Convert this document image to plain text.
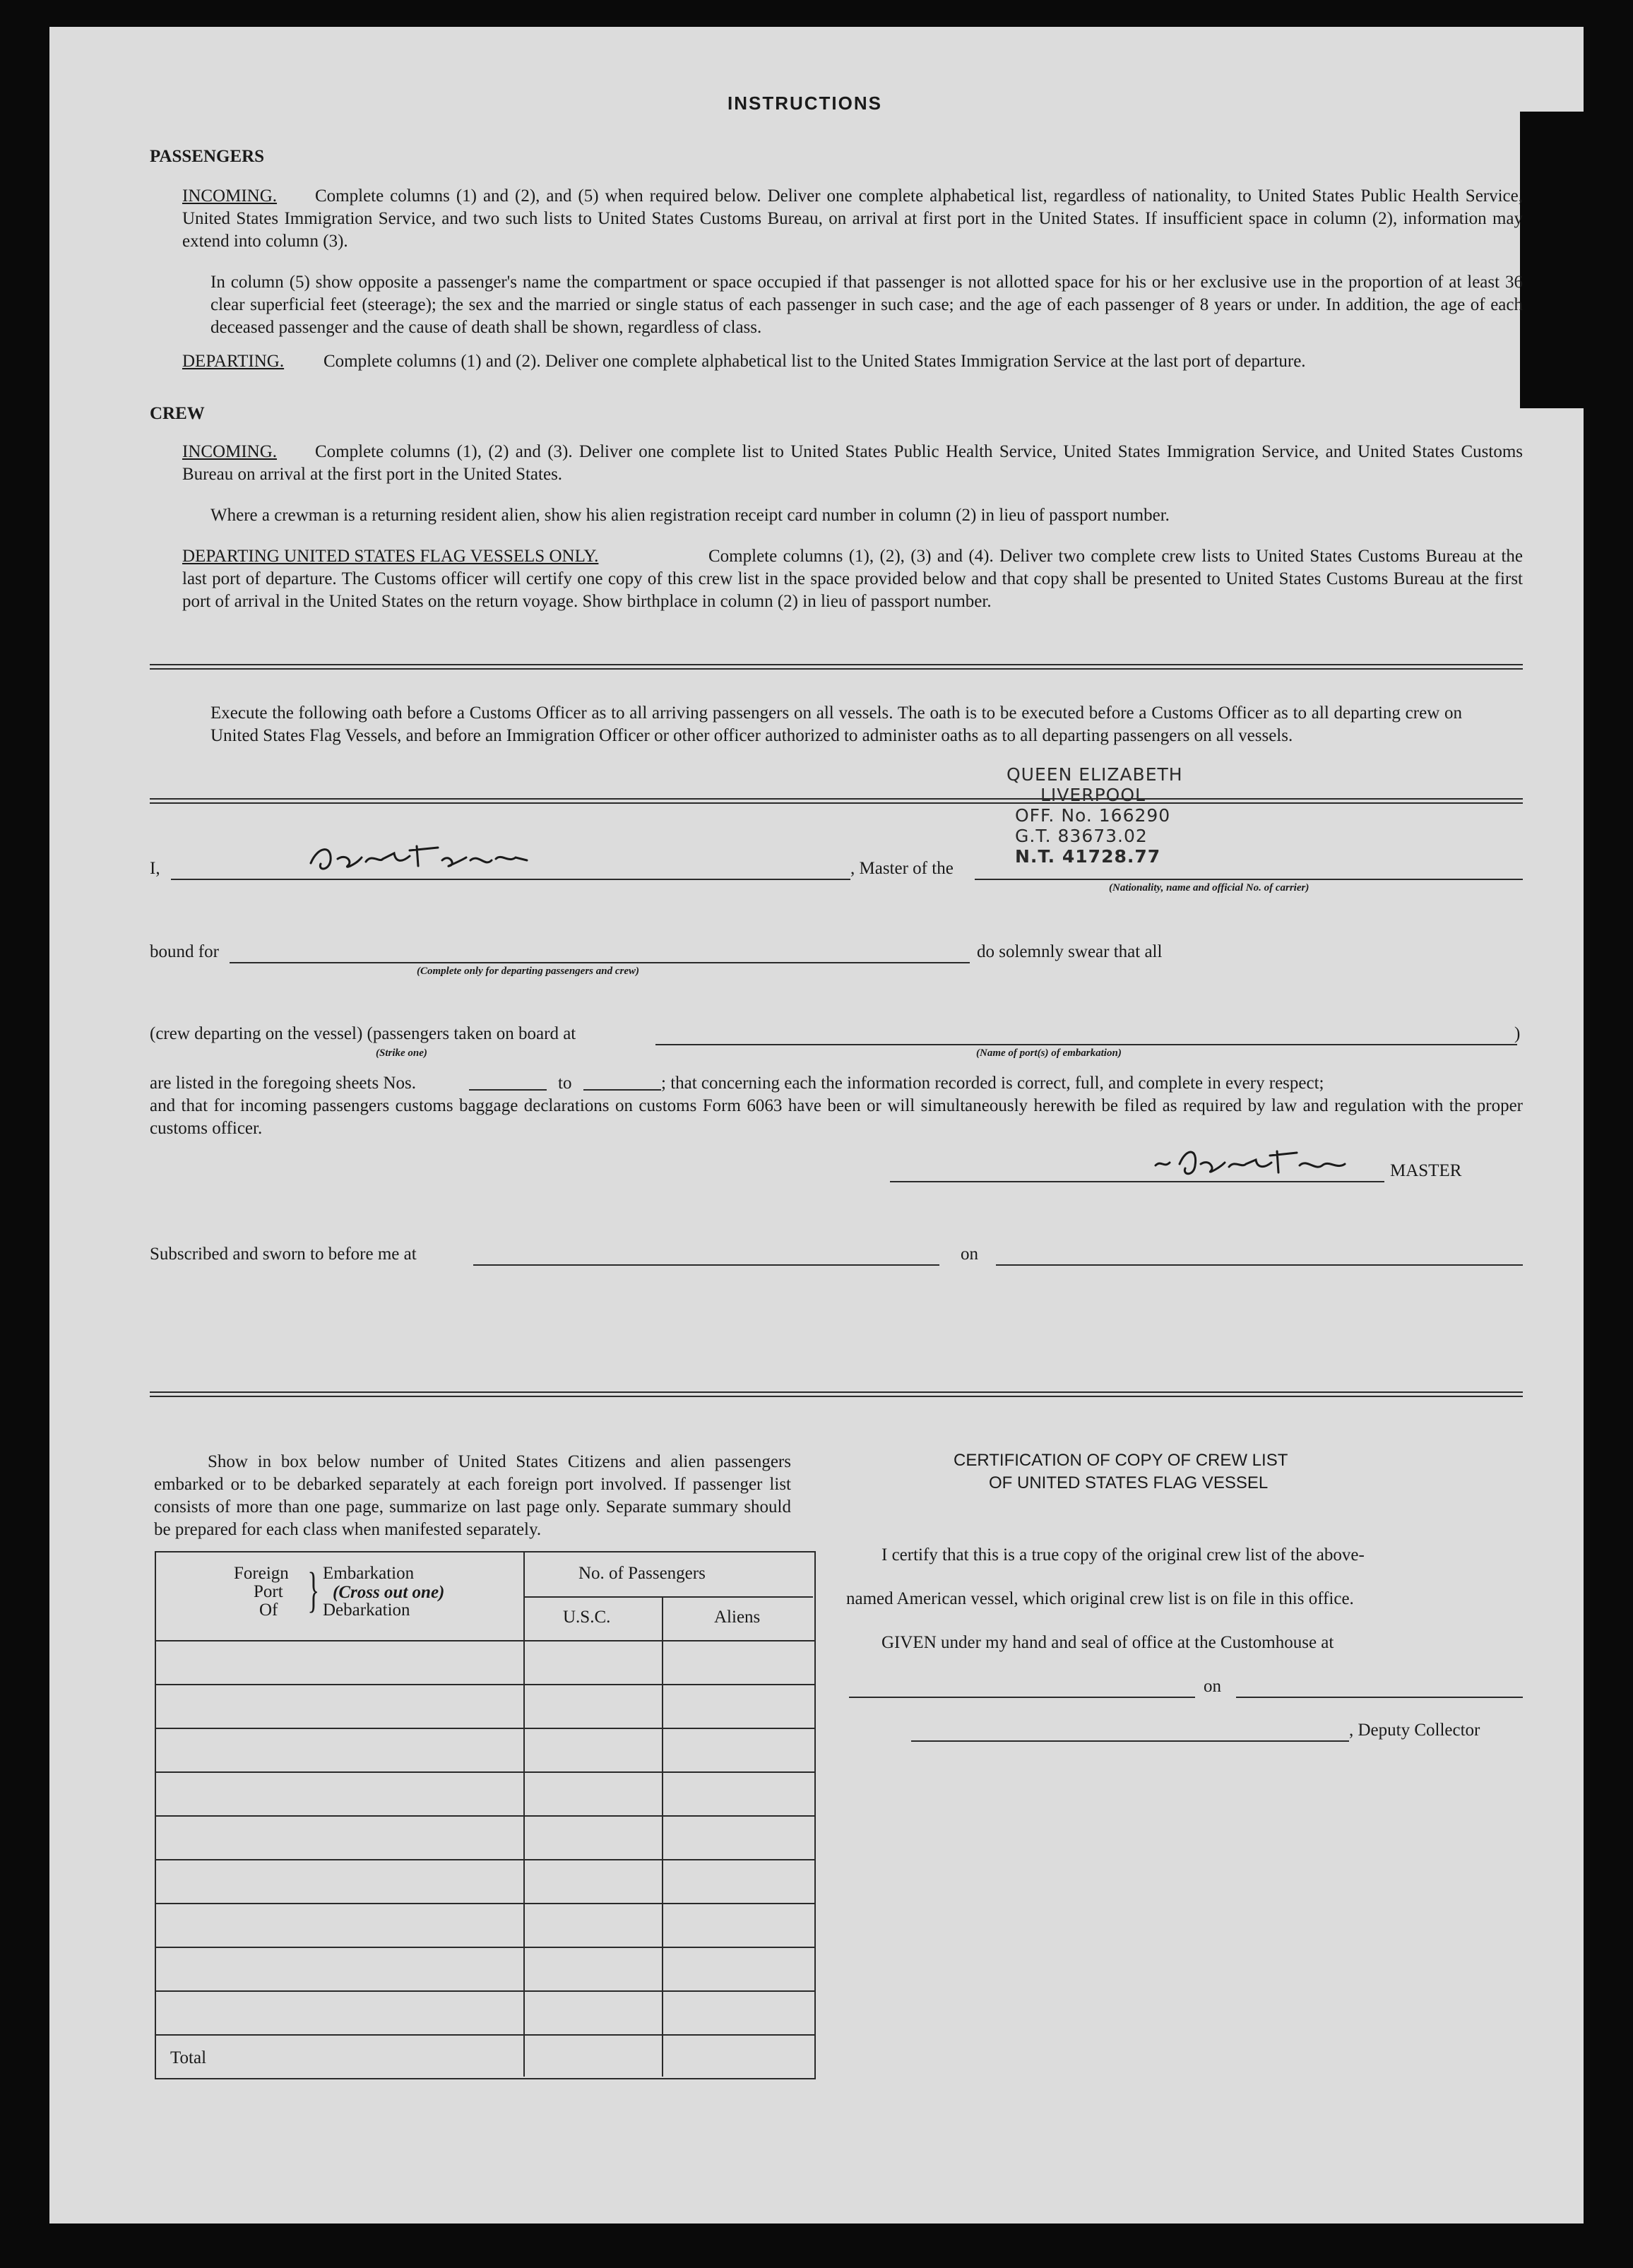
INSTRUCTIONS
PASSENGERS
INCOMING.	Complete columns (1) and (2), and (5) when required below. Deliver one complete alphabetical list, regardless of nationality, to United States Public Health Service, United States Immigration Service, and two such lists to United States Customs Bureau, on arrival at first port in the United States. If insufficient space in column (2), information may extend into column (3).
In column (5) show opposite a passenger's name the compartment or space occupied if that passenger is not allotted space for his or her exclusive use in the proportion of at least 36 clear superficial feet (steerage); the sex and the married or single status of each passenger in such case; and the age of each passenger of 8 years or under. In addition, the age of each deceased passenger and the cause of death shall be shown, regardless of class.
DEPARTING. Complete columns (1) and (2). Deliver one complete alphabetical list to the United States Immigration Service at the last port of departure.
CREW
INCOMING.	Complete columns (1), (2) and (3). Deliver one complete list to United States Public Health Service, United States Immigration Service, and United States Customs Bureau on arrival at the first port in the United States.
Where a crewman is a returning resident alien, show his alien registration receipt card number in column (2) in lieu of passport number.
DEPARTING UNITED STATES FLAG VESSELS ONLY.	Complete columns (1), (2), (3) and (4). Deliver two complete crew lists to United States Customs Bureau at the last port of departure. The Customs officer will certify one copy of this crew list in the space provided below and that copy shall be presented to United States Customs Bureau at the first port of arrival in the United States on the return voyage. Show birthplace in column (2) in lieu of passport number.
Execute the following oath before a Customs Officer as to all arriving passengers on all vessels. The oath is to be executed before a Customs Officer as to all departing crew on United States Flag Vessels, and before an Immigration Officer or other officer authorized to administer oaths as to all departing passengers on all vessels.
QUEEN ELIZABETH
LIVERPOOL
OFF. No. 166290
G.T. 83673.02
N.T. 41728.77
I,	, Master of the
(Nationality, name and official No. of carrier)
bound for
(Complete only for departing passengers and crew)
do solemnly swear that all
(crew departing on the vessel) (passengers taken on board at	)
(Strike one)	(Name of port(s) of embarkation)
are listed in the foregoing sheets Nos.	to	; that concerning each the information recorded is correct, full, and complete in every respect;
and that for incoming passengers customs baggage declarations on customs Form 6063 have been or will simultaneously herewith be filed as required by law and regulation with the proper customs officer.
MASTER
Subscribed and sworn to before me at	on
Show in box below number of United States Citizens and alien passengers embarked or to be debarked separately at each foreign port involved. If passenger list consists of more than one page, summarize on last page only. Separate summary should be prepared for each class when manifested separately.
Foreign
Port
Of } Embarkation
(Cross out one)
Debarkation
No. of Passengers
U.S.C.	Aliens
Total
CERTIFICATION OF COPY OF CREW LIST
OF UNITED STATES FLAG VESSEL
I certify that this is a true copy of the original crew list of the above-
named American vessel, which original crew list is on file in this office.
GIVEN under my hand and seal of office at the Customhouse at
on
, Deputy Collector
